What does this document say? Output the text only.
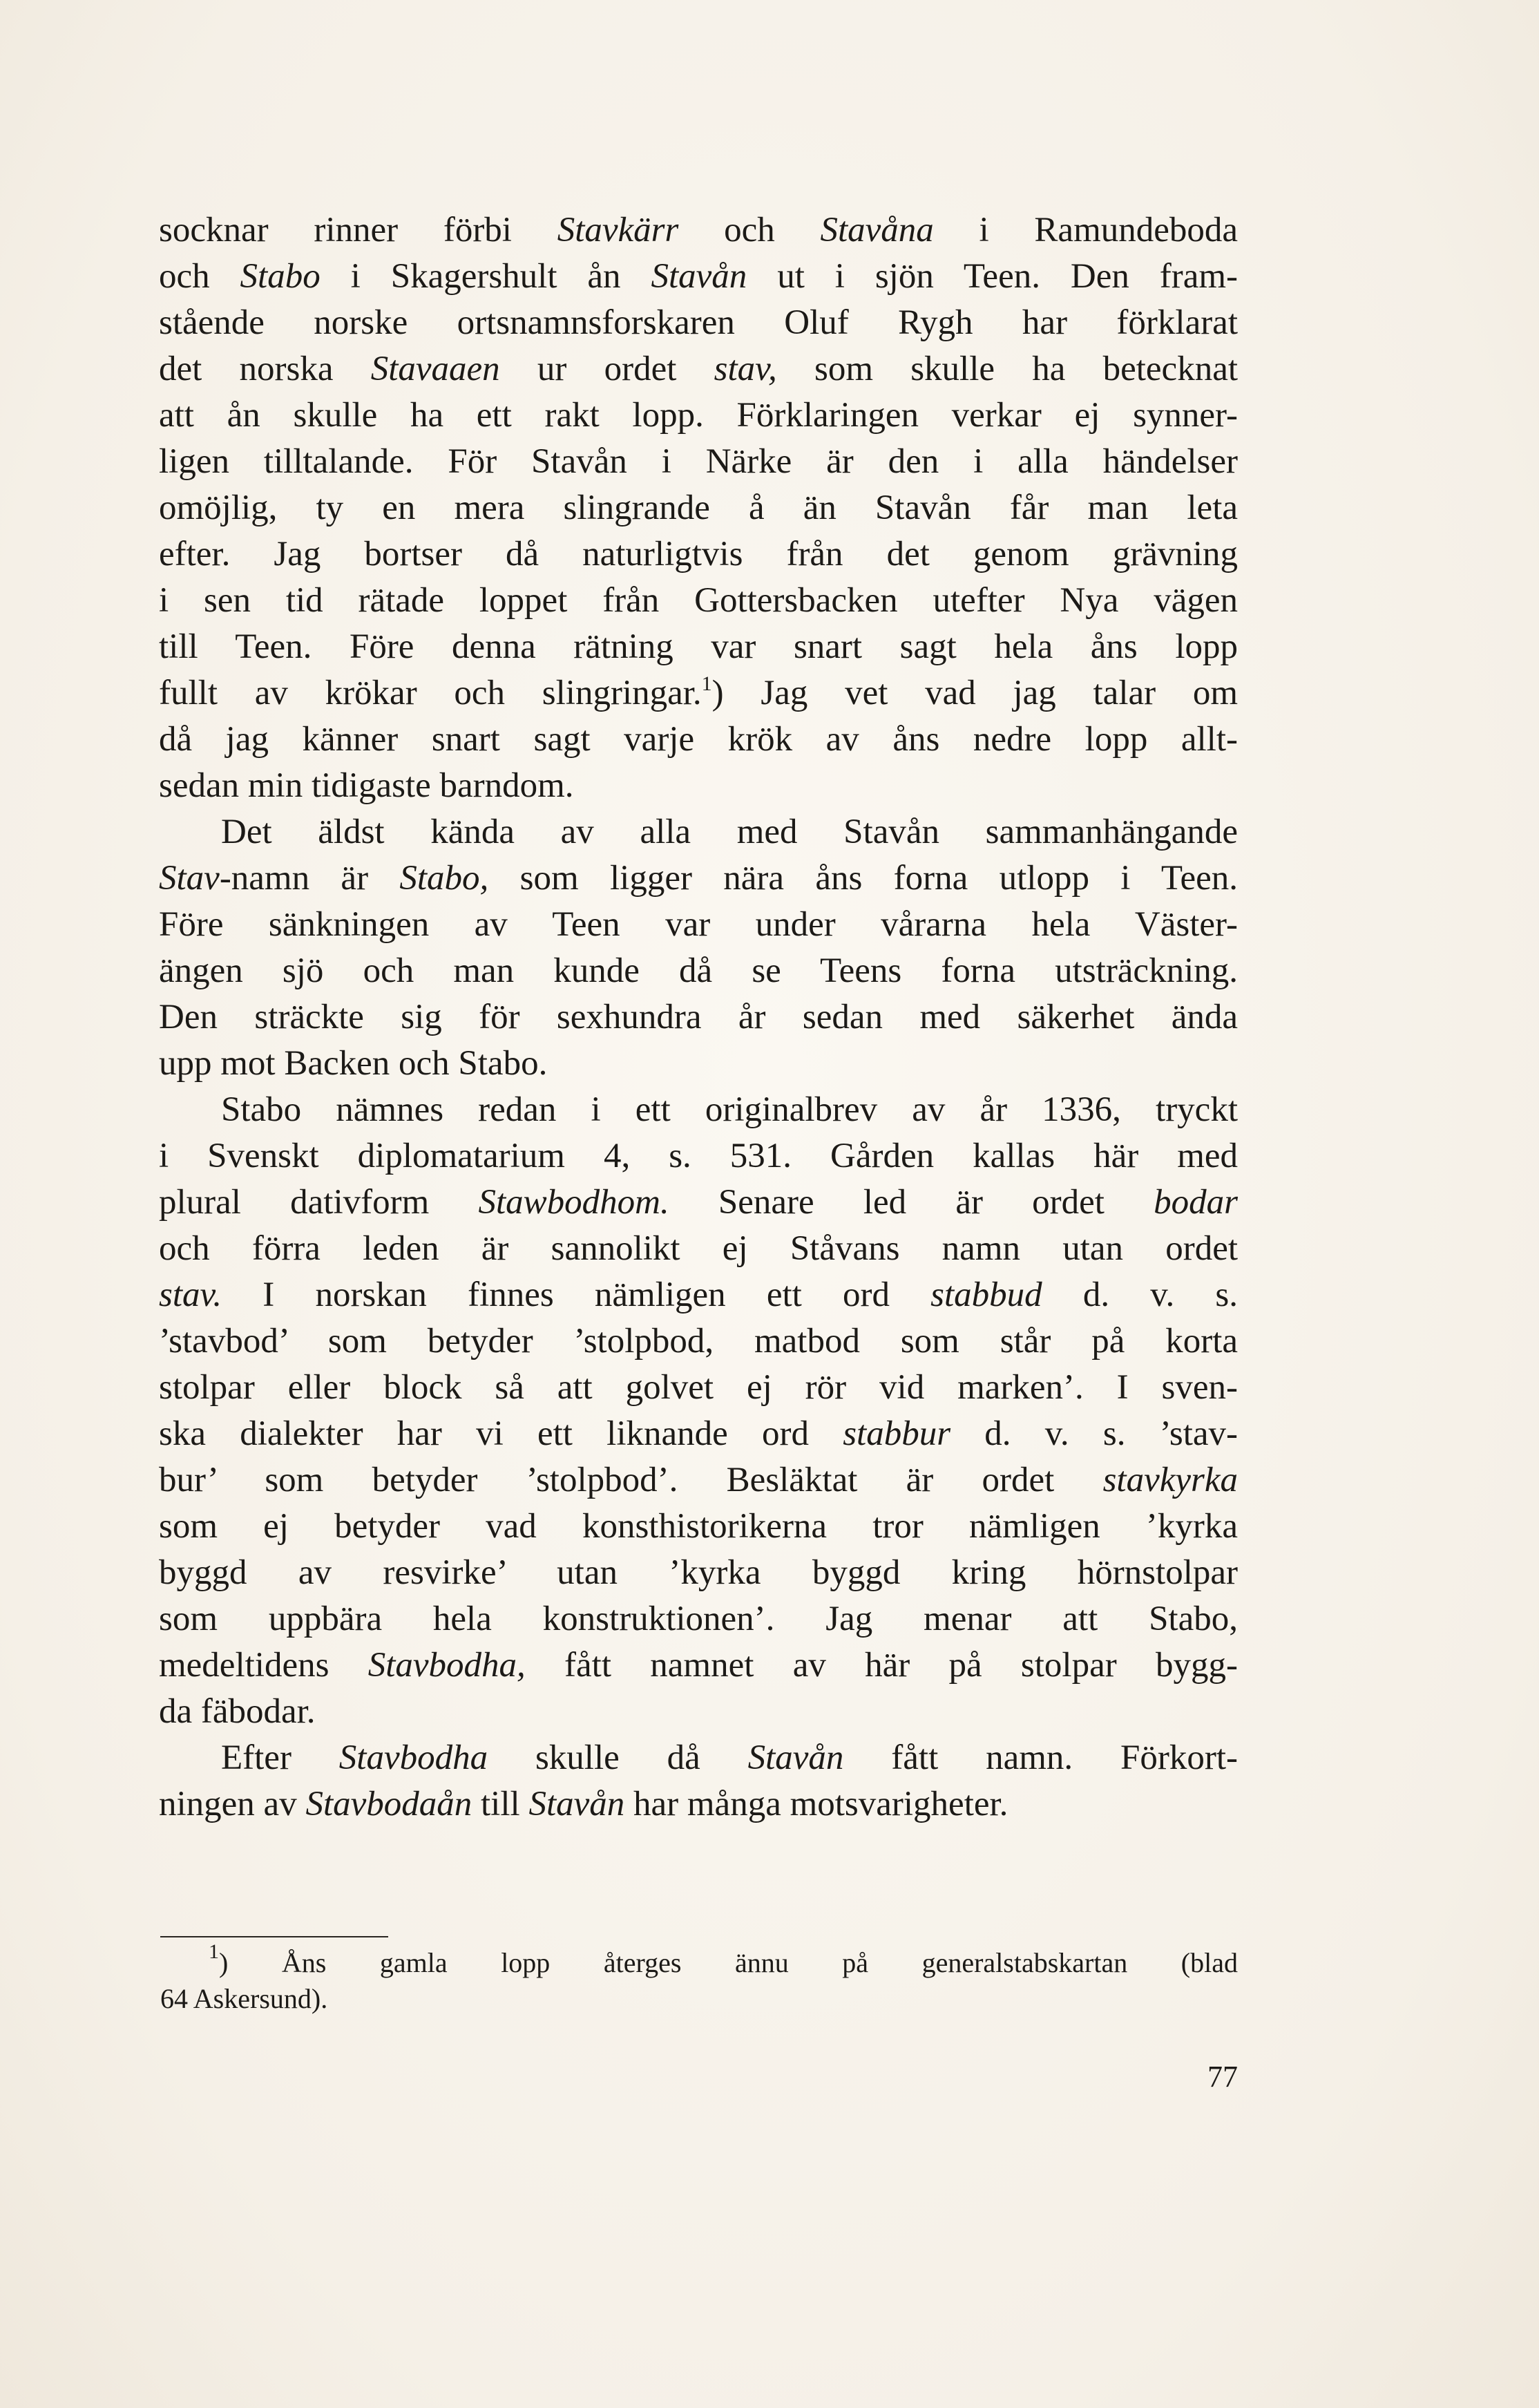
socknar rinner förbi Stavkärr och Stavåna i Ramundeboda
och Stabo i Skagershult ån Stavån ut i sjön Teen. Den fram-
stående norske ortsnamnsforskaren Oluf Rygh har förklarat
det norska Stavaaen ur ordet stav, som skulle ha betecknat
att ån skulle ha ett rakt lopp. Förklaringen verkar ej synner-
ligen tilltalande. För Stavån i Närke är den i alla händelser
omöjlig, ty en mera slingrande å än Stavån får man leta
efter. Jag bortser då naturligtvis från det genom grävning
i sen tid rätade loppet från Gottersbacken utefter Nya vägen
till Teen. Före denna rätning var snart sagt hela åns lopp
fullt av krökar och slingringar.$^1$) Jag vet vad jag talar om
då jag känner snart sagt varje krök av åns nedre lopp allt-
sedan min tidigaste barndom.
Det äldst kända av alla med Stavån sammanhängande
Stav-namn är Stabo, som ligger nära åns forna utlopp i Teen.
Före sänkningen av Teen var under vårarna hela Väster-
ängen sjö och man kunde då se Teens forna utsträckning.
Den sträckte sig för sexhundra år sedan med säkerhet ända
upp mot Backen och Stabo.
Stabo nämnes redan i ett originalbrev av år 1336, tryckt
i Svenskt diplomatarium 4, s. 531. Gården kallas här med
plural dativform Stawbodhom. Senare led är ordet bodar
och förra leden är sannolikt ej Ståvans namn utan ordet
stav. I norskan finnes nämligen ett ord stabbud d. v. s.
’stavbod’ som betyder ’stolpbod, matbod som står på korta
stolpar eller block så att golvet ej rör vid marken’. I sven-
ska dialekter har vi ett liknande ord stabbur d. v. s. ’stav-
bur’ som betyder ’stolpbod’. Besläktat är ordet stavkyrka
som ej betyder vad konsthistorikerna tror nämligen ’kyrka
byggd av resvirke’ utan ’kyrka byggd kring hörnstolpar
som uppbära hela konstruktionen’. Jag menar att Stabo,
medeltidens Stavbodha, fått namnet av här på stolpar bygg-
da fäbodar.
Efter Stavbodha skulle då Stavån fått namn. Förkort-
ningen av Stavbodaån till Stavån har många motsvarigheter.
$^1$) Åns gamla lopp återges ännu på generalstabskartan (blad
64 Askersund).
77
